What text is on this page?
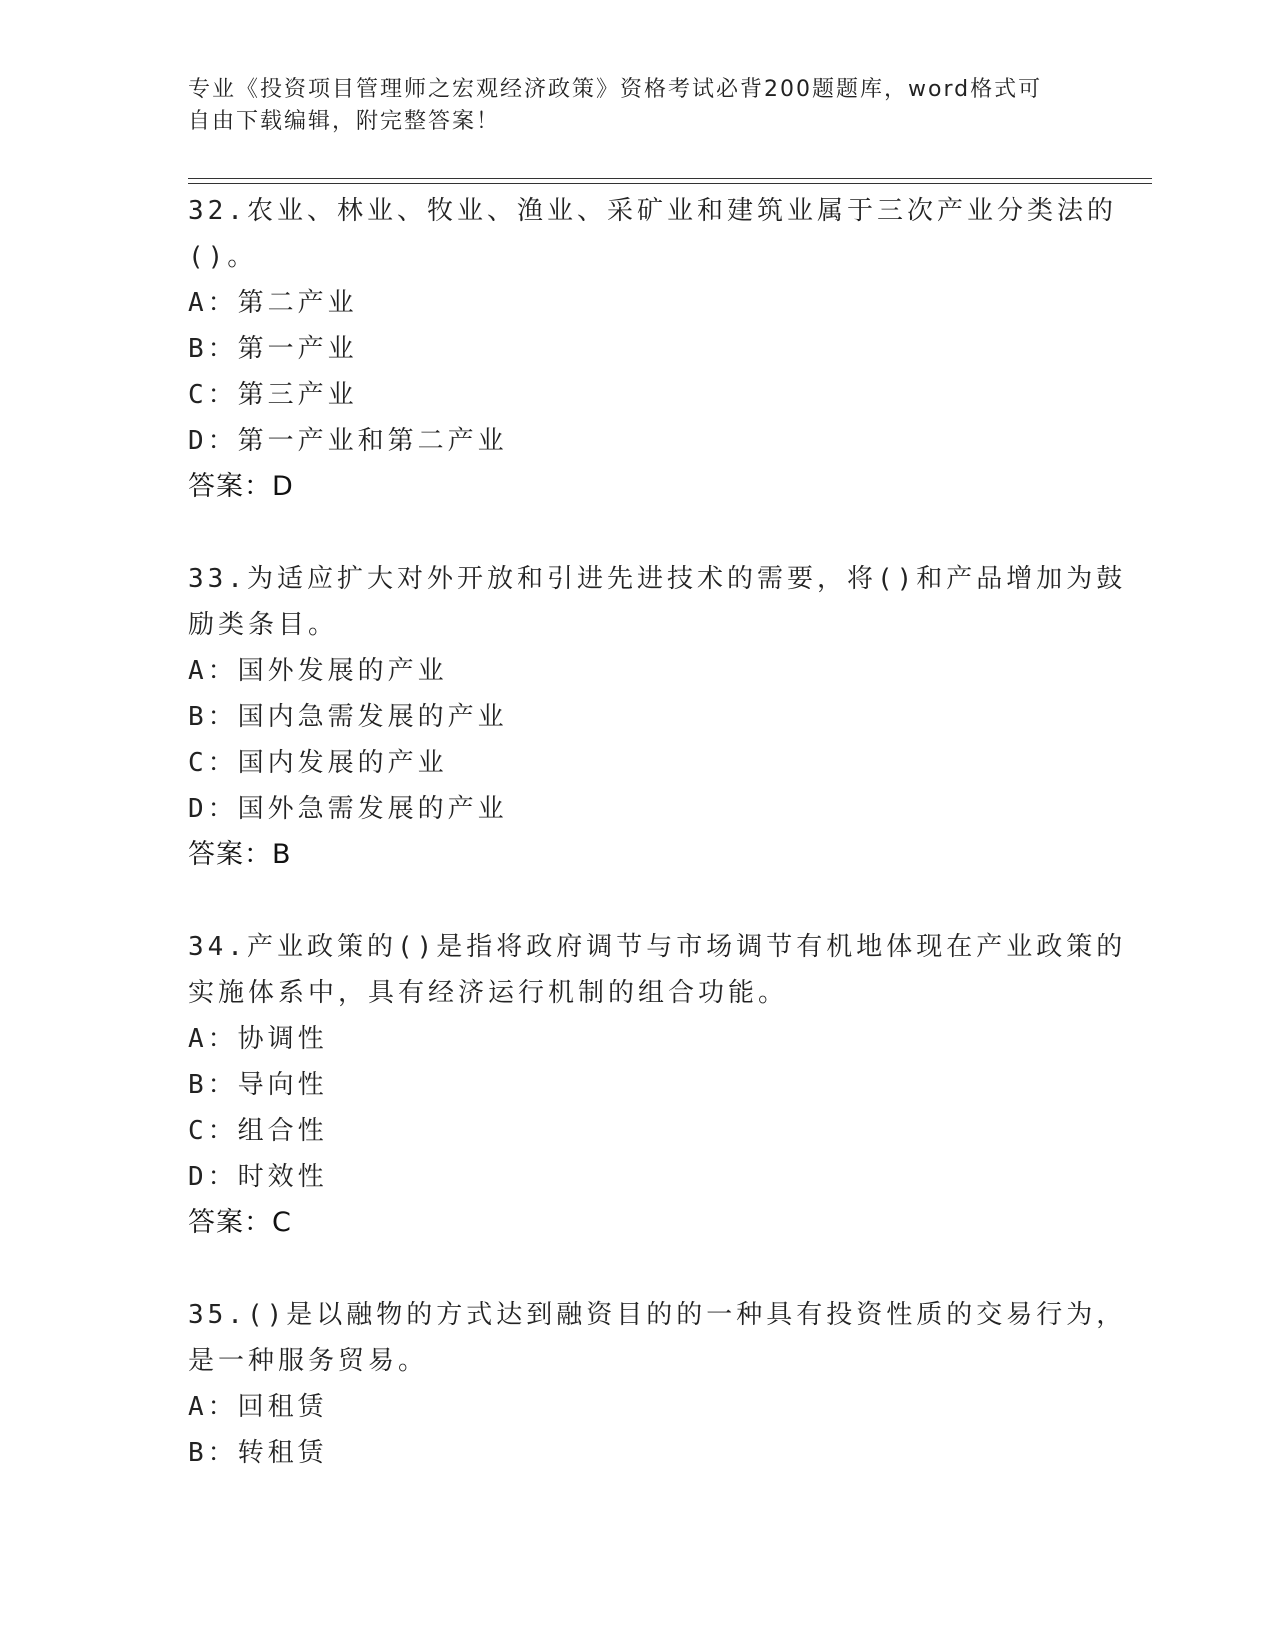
专业《投资项目管理师之宏观经济政策》资格考试必背200题题库，word格式可
自由下载编辑，附完整答案！
32.农业、林业、牧业、渔业、采矿业和建筑业属于三次产业分类法的
()。
A：第二产业
B：第一产业
C：第三产业
D：第一产业和第二产业
答案：D
33.为适应扩大对外开放和引进先进技术的需要，将()和产品增加为鼓
励类条目。
A：国外发展的产业
B：国内急需发展的产业
C：国内发展的产业
D：国外急需发展的产业
答案：B
34.产业政策的()是指将政府调节与市场调节有机地体现在产业政策的
实施体系中，具有经济运行机制的组合功能。
A：协调性
B：导向性
C：组合性
D：时效性
答案：C
35.()是以融物的方式达到融资目的的一种具有投资性质的交易行为，
是一种服务贸易。
A：回租赁
B：转租赁
